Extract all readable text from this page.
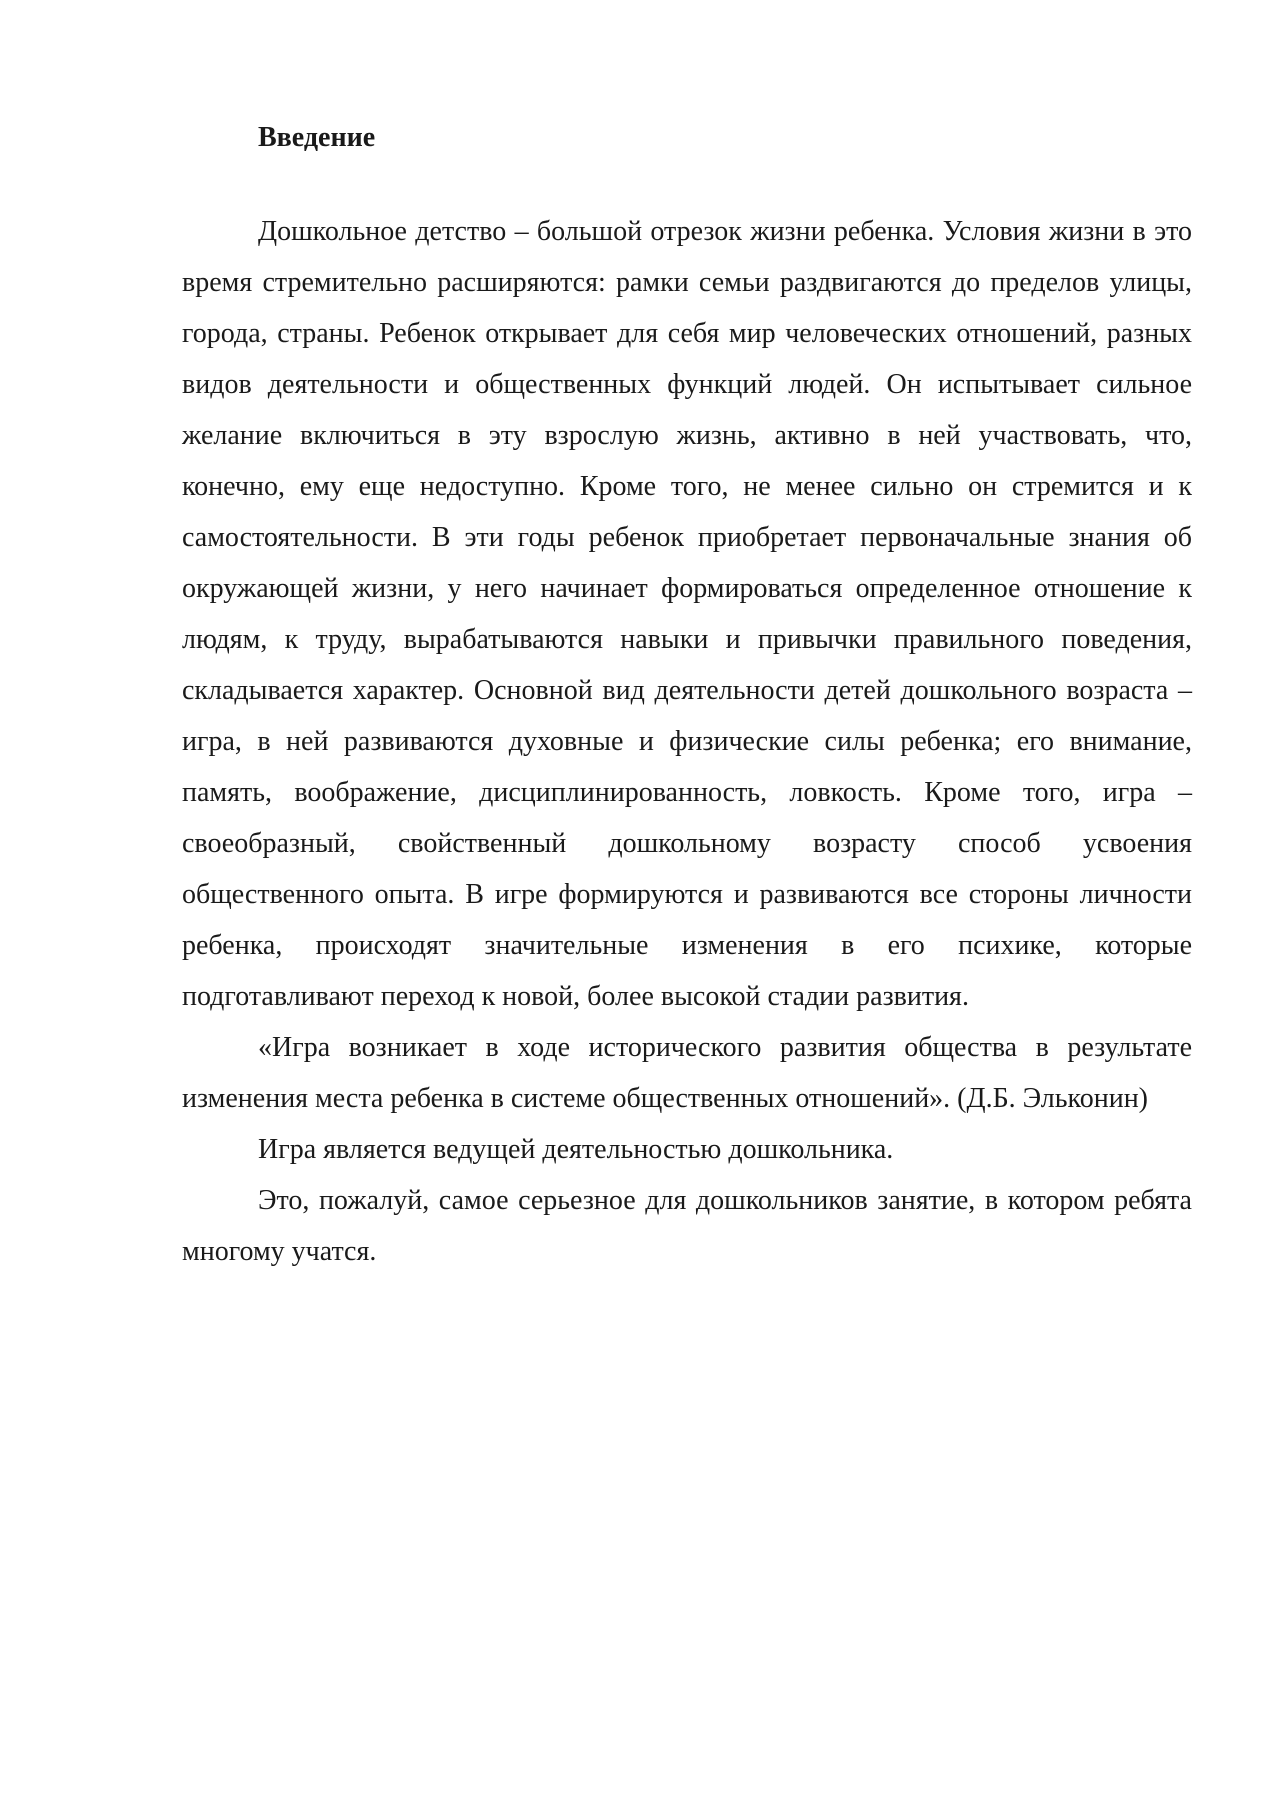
Введение

Дошкольное детство – большой отрезок жизни ребенка. Условия жизни в это время стремительно расширяются: рамки семьи раздвигаются до пределов улицы, города, страны. Ребенок открывает для себя мир человеческих отношений, разных видов деятельности и общественных функций людей. Он испытывает сильное желание включиться в эту взрослую жизнь, активно в ней участвовать, что, конечно, ему еще недоступно. Кроме того, не менее сильно он стремится и к самостоятельности. В эти годы ребенок приобретает первоначальные знания об окружающей жизни, у него начинает формироваться определенное отношение к людям, к труду, вырабатываются навыки и привычки правильного поведения, складывается характер. Основной вид деятельности детей дошкольного возраста – игра, в ней развиваются духовные и физические силы ребенка; его внимание, память, воображение, дисциплинированность, ловкость. Кроме того, игра – своеобразный, свойственный дошкольному возрасту способ усвоения общественного опыта. В игре формируются и развиваются все стороны личности ребенка, происходят значительные изменения в его психике, которые подготавливают переход к новой, более высокой стадии развития.

«Игра возникает в ходе исторического развития общества в результате изменения места ребенка в системе общественных отношений». (Д.Б. Эльконин)

Игра является ведущей деятельностью дошкольника.

Это, пожалуй, самое серьезное для дошкольников занятие, в котором ребята многому учатся.
